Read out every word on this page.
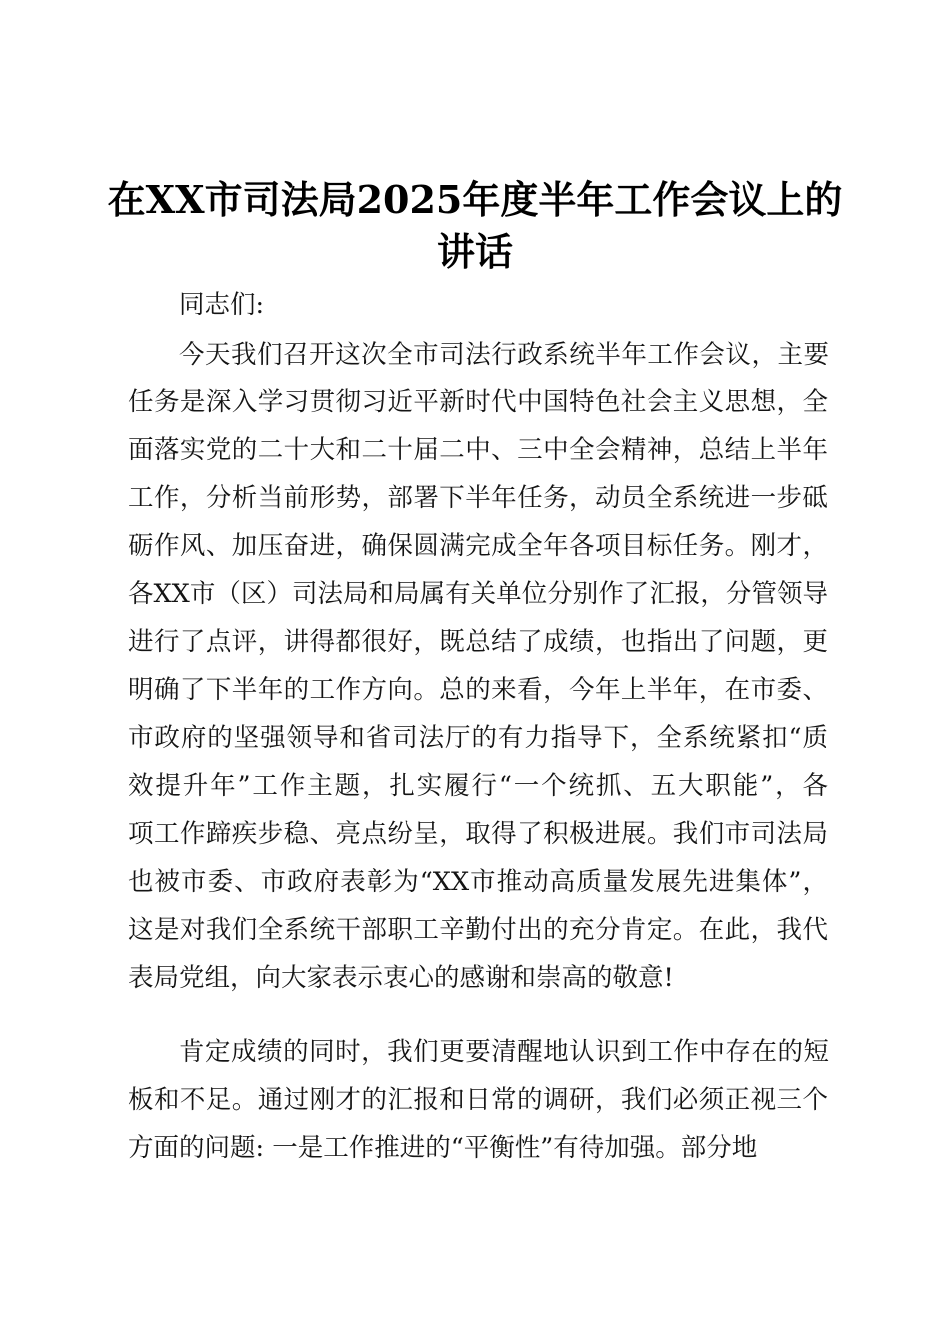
在XX市司法局2025年度半年工作会议上的
讲话
同志们:
今天我们召开这次全市司法行政系统半年工作会议，主要
任务是深入学习贯彻习近平新时代中国特色社会主义思想，全
面落实党的二十大和二十届二中、三中全会精神，总结上半年
工作，分析当前形势，部署下半年任务，动员全系统进一步砥
砺作风、加压奋进，确保圆满完成全年各项目标任务。刚才，
各XX市（区）司法局和局属有关单位分别作了汇报，分管领导
进行了点评，讲得都很好，既总结了成绩，也指出了问题，更
明确了下半年的工作方向。总的来看，今年上半年，在市委、
市政府的坚强领导和省司法厅的有力指导下，全系统紧扣“质
效提升年”工作主题，扎实履行“一个统抓、五大职能”，各
项工作蹄疾步稳、亮点纷呈，取得了积极进展。我们市司法局
也被市委、市政府表彰为“XX市推动高质量发展先进集体”，
这是对我们全系统干部职工辛勤付出的充分肯定。在此，我代
表局党组，向大家表示衷心的感谢和崇高的敬意!
肯定成绩的同时，我们更要清醒地认识到工作中存在的短
板和不足。通过刚才的汇报和日常的调研，我们必须正视三个
方面的问题: 一是工作推进的“平衡性”有待加强。部分地
